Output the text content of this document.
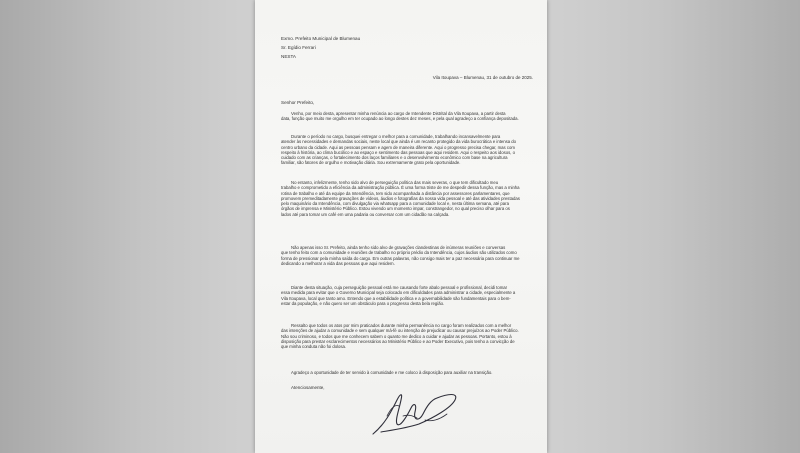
Exmo. Prefeito Municipal de Blumenau
Sr. Egídio Ferrari
NESTA
Vila Itoupava – Blumenau, 31 de outubro de 2025.
Senhor Prefeito,
Venho, por meio desta, apresentar minha renúncia ao cargo de Intendente Distrital da Vila Itoupava, a partir desta
data, função que muito me orgulho em ter ocupado ao longo destes dez meses, e pela qual agradeço a confiança depositada.
Durante o período no cargo, busquei entregar o melhor para a comunidade, trabalhando incansavelmente para
atender às necessidades e demandas sociais, neste local que ainda é um recanto protegido da vida burocrática e intensa do
centro urbano da cidade. Aqui as pessoas pensam e agem de maneira diferente. Aqui o progresso precisa chegar, mas com
respeito à história, ao clima bucólico e ao espaço e sentimento das pessoas que aqui residem. Aqui o respeito aos idosos, o
cuidado com as crianças, o fortalecimento dos laços familiares e o desenvolvimento econômico com base na agricultura
familiar, são fatores de orgulho e motivação diária. Sou extremamente grato pela oportunidade.
No entanto, infelizmente, tenho sido alvo de perseguição política das mais severas, o que tem dificultado meu
trabalho e comprometido a eficiência da administração pública. É uma forma triste de me despedir dessa função, mas a minha
rotina de trabalho e até da equipe da Intendência, tem sido acompanhada a distância por assessores parlamentares, que
promovem premeditadamente gravações de vídeos, áudios e fotografias da nossa vida pessoal e até das atividades prestadas
pelo maquinário da Intendência, com divulgação via whatsapp para a comunidade local e, nesta última semana, até para
órgãos de imprensa e Ministério Público. Estou vivendo um momento impar, constrangedor, no qual preciso olhar para os
lados até para tomar um café em uma padaria ou conversar com um cidadão na calçada.
Não apenas isso Sr. Prefeito, ainda tenho sido alvo de gravações clandestinas de inúmeras reuniões e conversas
que tenho feito com a comunidade e reuniões de trabalho no próprio prédio da Intendência, cujos áudios são utilizados como
forma de pressionar pela minha saída do cargo. Em outras palavras, não consigo mais ter a paz necessária para continuar me
dedicando a melhorar a vida das pessoas que aqui residem.
Diante desta situação, cuja perseguição pessoal está me causando forte abalo pessoal e profissional, decidi tomar
essa medida para evitar que o Governo Municipal seja colocado em dificuldades para administrar a cidade, especialmente a
Vila Itoupava, local que tanto amo. Entendo que a estabilidade política e a governabilidade são fundamentais para o bem-
estar da população, e não quero ser um obstáculo para o progresso desta bela região.
Ressalto que todos os atos por mim praticados durante minha permanência no cargo foram realizados com a melhor
das intenções de ajudar a comunidade e sem qualquer má-fé ou intenção de prejudicar ou causar prejuízos ao Poder Público.
Não sou criminoso, e todos que me conhecem sabem o quanto me dedico a cuidar e ajudar as pessoas. Portanto, estou à
disposição para prestar esclarecimentos necessários ao Ministério Público e ao Poder Executivo, pois tenho a convicção de
que minha conduta não foi dolosa.
Agradeço a oportunidade de ter servido à comunidade e me coloco à disposição para auxiliar na transição.
Atenciosamente,
